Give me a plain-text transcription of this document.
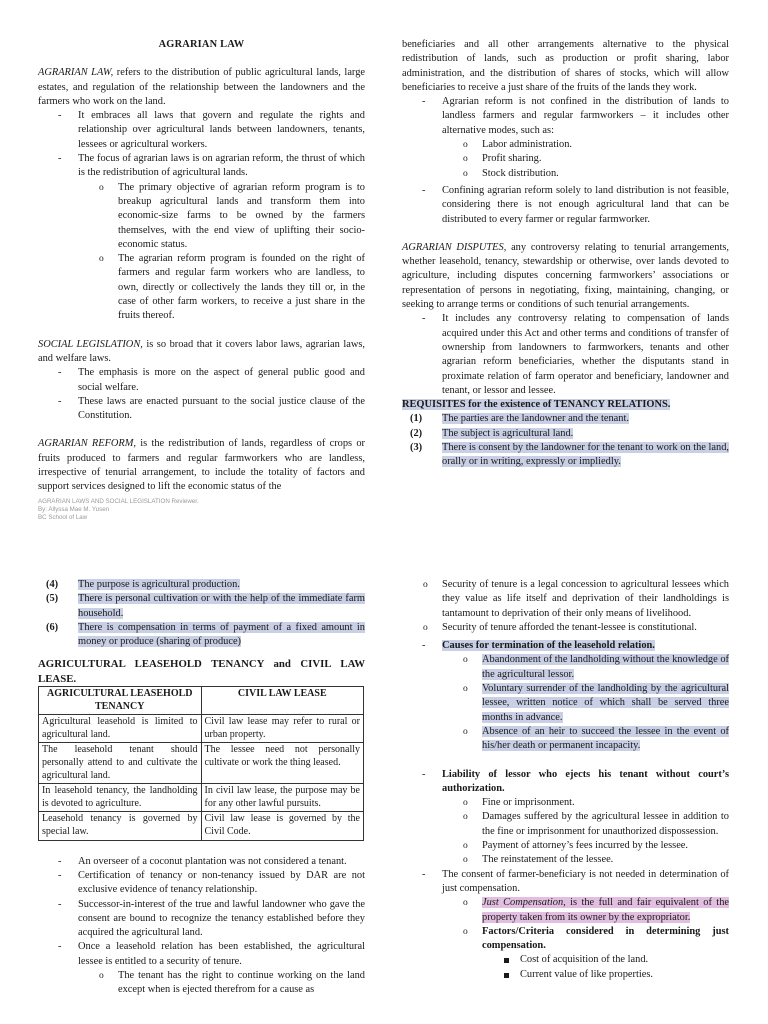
AGRARIAN LAW

AGRARIAN LAW, refers to the distribution of public agricultural lands, large estates, and regulation of the relationship between the landowners and the farmers who work on the land.

- It embraces all laws that govern and regulate the rights and relationship over agricultural lands between landowners, tenants, lessees or agricultural workers.
- The focus of agrarian laws is on agrarian reform, the thrust of which is the redistribution of agricultural lands.
o The primary objective of agrarian reform program is to breakup agricultural lands and transform them into economic-size farms to be owned by the farmers themselves, with the end view of uplifting their socio-economic status.
o The agrarian reform program is founded on the right of farmers and regular farm workers who are landless, to own, directly or collectively the lands they till or, in the case of other farm workers, to receive a just share in the fruits thereof.

SOCIAL LEGISLATION, is so broad that it covers labor laws, agrarian laws, and welfare laws.

- The emphasis is more on the aspect of general public good and social welfare.
- These laws are enacted pursuant to the social justice clause of the Constitution.

AGRARIAN REFORM, is the redistribution of lands, regardless of crops or fruits produced to farmers and regular farmworkers who are landless, irrespective of tenurial arrangement, to include the totality of factors and support services designed to lift the economic status of the

AGRARIAN LAWS AND SOCIAL LEGISLATION Reviewer.
By: Allyssa Mae M. Yusen
BC School of Law

beneficiaries and all other arrangements alternative to the physical redistribution of lands, such as production or profit sharing, labor administration, and the distribution of shares of stocks, which will allow beneficiaries to receive a just share of the fruits of the lands they work.

- Agrarian reform is not confined in the distribution of lands to landless farmers and regular farmworkers – it includes other alternative modes, such as:
o Labor administration.
o Profit sharing.
o Stock distribution.
- Confining agrarian reform solely to land distribution is not feasible, considering there is not enough agricultural land that can be distributed to every farmer or regular farmworker.

AGRARIAN DISPUTES, any controversy relating to tenurial arrangements, whether leasehold, tenancy, stewardship or otherwise, over lands devoted to agriculture, including disputes concerning farmworkers’ associations or representation of persons in negotiating, fixing, maintaining, changing, or seeking to arrange terms or conditions of such tenurial arrangements.

- It includes any controversy relating to compensation of lands acquired under this Act and other terms and conditions of transfer of ownership from landowners to farmworkers, tenants and other agrarian reform beneficiaries, whether the disputants stand in proximate relation of farm operator and beneficiary, landowner and tenant, or lessor and lessee.
REQUISITES for the existence of TENANCY RELATIONS.
(1) The parties are the landowner and the tenant.
(2) The subject is agricultural land.
(3) There is consent by the landowner for the tenant to work on the land, orally or in writing, expressly or impliedly.
(4) The purpose is agricultural production.
(5) There is personal cultivation or with the help of the immediate farm household.
(6) There is compensation in terms of payment of a fixed amount in money or produce (sharing of produce)
AGRICULTURAL LEASEHOLD TENANCY and CIVIL LAW LEASE.
AGRICULTURAL LEASEHOLD TENANCY	CIVIL LAW LEASE
Agricultural leasehold is limited to agricultural land.	Civil law lease may refer to rural or urban property.
The leasehold tenant should personally attend to and cultivate the agricultural land.	The lessee need not personally cultivate or work the thing leased.
In leasehold tenancy, the landholding is devoted to agriculture.	In civil law lease, the purpose may be for any other lawful pursuits.
Leasehold tenancy is governed by special law.	Civil law lease is governed by the Civil Code.
- An overseer of a coconut plantation was not considered a tenant.
- Certification of tenancy or non-tenancy issued by DAR are not exclusive evidence of tenancy relationship.
- Successor-in-interest of the true and lawful landowner who gave the consent are bound to recognize the tenancy established before they acquired the agricultural land.
- Once a leasehold relation has been established, the agricultural lessee is entitled to a security of tenure.
o The tenant has the right to continue working on the land except when is ejected therefrom for a cause as
o Security of tenure is a legal concession to agricultural lessees which they value as life itself and deprivation of their landholdings is tantamount to deprivation of their only means of livelihood.
o Security of tenure afforded the tenant-lessee is constitutional.
- Causes for termination of the leasehold relation.
o Abandonment of the landholding without the knowledge of the agricultural lessor.
o Voluntary surrender of the landholding by the agricultural lessee, written notice of which shall be served three months in advance.
o Absence of an heir to succeed the lessee in the event of his/her death or permanent incapacity.
- Liability of lessor who ejects his tenant without court’s authorization.
o Fine or imprisonment.
o Damages suffered by the agricultural lessee in addition to the fine or imprisonment for unauthorized dispossession.
o Payment of attorney’s fees incurred by the lessee.
o The reinstatement of the lessee.
- The consent of farmer-beneficiary is not needed in determination of just compensation.
o Just Compensation, is the full and fair equivalent of the property taken from its owner by the expropriator.
o Factors/Criteria considered in determining just compensation.
Cost of acquisition of the land.
Current value of like properties.
